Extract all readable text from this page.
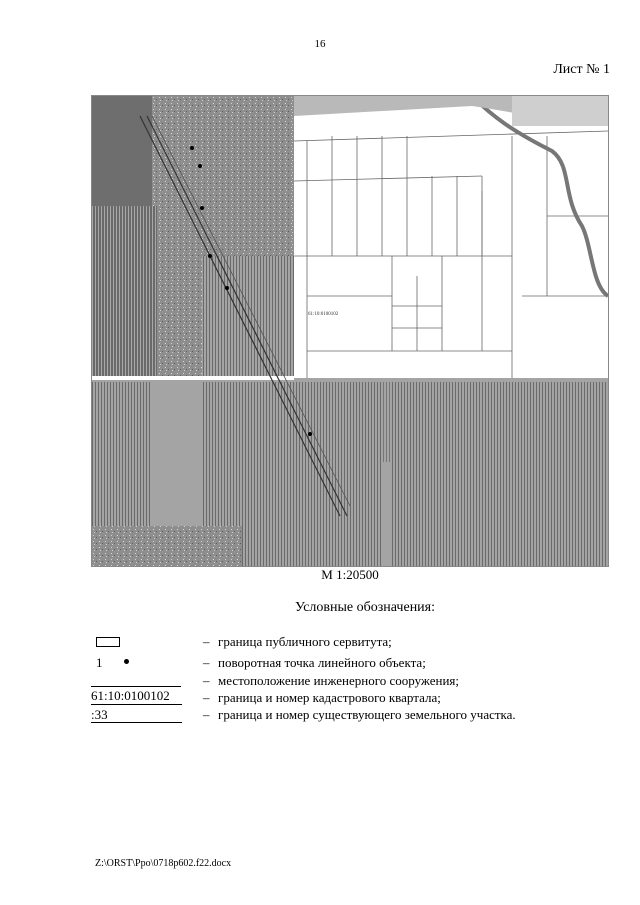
16
Лист № 1
61:10:0100102
М 1:20500
Условные обозначения:
1
61:10:0100102
:33
– граница публичного сервитута;
– поворотная точка линейного объекта;
– местоположение инженерного сооружения;
– граница и номер кадастрового квартала;
– граница и номер существующего земельного участка.
Z:\ORST\Ppo\0718p602.f22.docx
